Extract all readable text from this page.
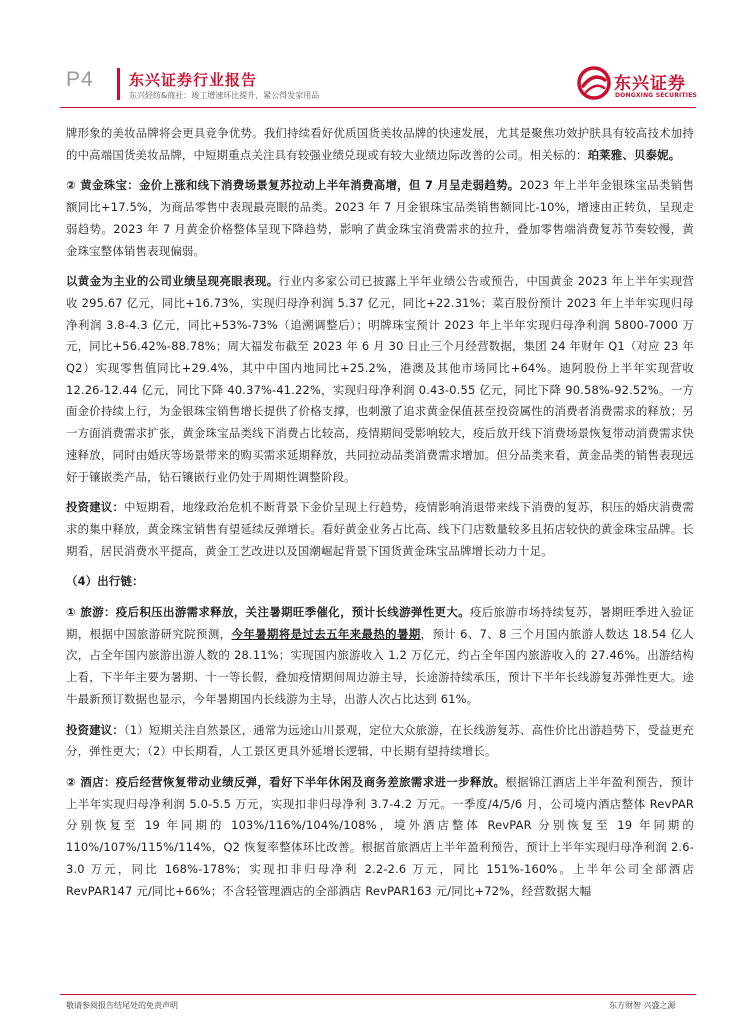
P4 东兴证券行业报告
东兴轻纺&商社：竣工增速环比提升，紧公得发家用品
东兴证券
DONGXING SECURITIES

牌形象的美妆品牌将会更具竞争优势。我们持续看好优质国货美妆品牌的快速发展，尤其是聚焦功效护肤具有较高技术加持的中高端国货美妆品牌，中短期重点关注具有较强业绩兑现或有较大业绩边际改善的公司。相关标的：珀莱雅、贝泰妮。

② 黄金珠宝：金价上涨和线下消费场景复苏拉动上半年消费高增，但 7 月呈走弱趋势。2023 年上半年金银珠宝品类销售额同比+17.5%，为商品零售中表现最亮眼的品类。2023 年 7 月金银珠宝品类销售额同比-10%，增速由正转负，呈现走弱趋势。2023 年 7 月黄金价格整体呈现下降趋势，影响了黄金珠宝消费需求的拉升，叠加零售端消费复苏节奏较慢，黄金珠宝整体销售表现偏弱。

以黄金为主业的公司业绩呈现亮眼表现。行业内多家公司已披露上半年业绩公告或预告，中国黄金 2023 年上半年实现营收 295.67 亿元，同比+16.73%，实现归母净利润 5.37 亿元，同比+22.31%；菜百股份预计 2023 年上半年实现归母净利润 3.8-4.3 亿元，同比+53%-73%（追溯调整后）；明牌珠宝预计 2023 年上半年实现归母净利润 5800-7000 万元，同比+56.42%-88.78%；周大福发布截至 2023 年 6 月 30 日止三个月经营数据，集团 24 年财年 Q1（对应 23 年 Q2）实现零售值同比+29.4%，其中中国内地同比+25.2%，港澳及其他市场同比+64%。迪阿股份上半年实现营收 12.26-12.44 亿元，同比下降 40.37%-41.22%，实现归母净利润 0.43-0.55 亿元，同比下降 90.58%-92.52%。一方面金价持续上行，为金银珠宝销售增长提供了价格支撑，也刺激了追求黄金保值甚至投资属性的消费者消费需求的释放；另一方面消费需求扩张，黄金珠宝品类线下消费占比较高，疫情期间受影响较大，疫后放开线下消费场景恢复带动消费需求快速释放，同时由婚庆等场景带来的购买需求延期释放，共同拉动品类消费需求增加。但分品类来看，黄金品类的销售表现远好于镶嵌类产品，钻石镶嵌行业仍处于周期性调整阶段。

投资建议：中短期看，地缘政治危机不断背景下金价呈现上行趋势，疫情影响消退带来线下消费的复苏，积压的婚庆消费需求的集中释放，黄金珠宝销售有望延续反弹增长。看好黄金业务占比高、线下门店数量较多且拓店较快的黄金珠宝品牌。长期看，居民消费水平提高，黄金工艺改进以及国潮崛起背景下国货黄金珠宝品牌增长动力十足。

（4）出行链：

① 旅游：疫后积压出游需求释放，关注暑期旺季催化，预计长线游弹性更大。疫后旅游市场持续复苏，暑期旺季进入验证期，根据中国旅游研究院预测，今年暑期将是过去五年来最热的暑期，预计 6、7、8 三个月国内旅游人数达 18.54 亿人次，占全年国内旅游出游人数的 28.11%；实现国内旅游收入 1.2 万亿元，约占全年国内旅游收入的 27.46%。出游结构上看，下半年主要为暑期、十一等长假，叠加疫情期间周边游主导，长途游持续承压，预计下半年长线游复苏弹性更大。途牛最新预订数据也显示，今年暑期国内长线游为主导，出游人次占比达到 61%。

投资建议：（1）短期关注自然景区，通常为远途山川景观，定位大众旅游，在长线游复苏、高性价比出游趋势下，受益更充分，弹性更大；（2）中长期看，人工景区更具外延增长逻辑，中长期有望持续增长。

② 酒店：疫后经营恢复带动业绩反弹，看好下半年休闲及商务差旅需求进一步释放。根据锦江酒店上半年盈利预告，预计上半年实现归母净利润 5.0-5.5 万元，实现扣非归母净利 3.7-4.2 万元。一季度/4/5/6 月，公司境内酒店整体 RevPAR 分别恢复至 19 年同期的 103%/116%/104%/108%，境外酒店整体 RevPAR 分别恢复至 19 年同期的 110%/107%/115%/114%，Q2 恢复率整体环比改善。根据首旅酒店上半年盈利预告，预计上半年实现归母净利润 2.6-3.0 万元，同比 168%-178%；实现扣非归母净利 2.2-2.6 万元，同比 151%-160%。上半年公司全部酒店 RevPAR147 元/同比+66%；不含轻管理酒店的全部酒店 RevPAR163 元/同比+72%，经营数据大幅

敬请参阅报告结尾处的免责声明	东方财智 兴盛之源
